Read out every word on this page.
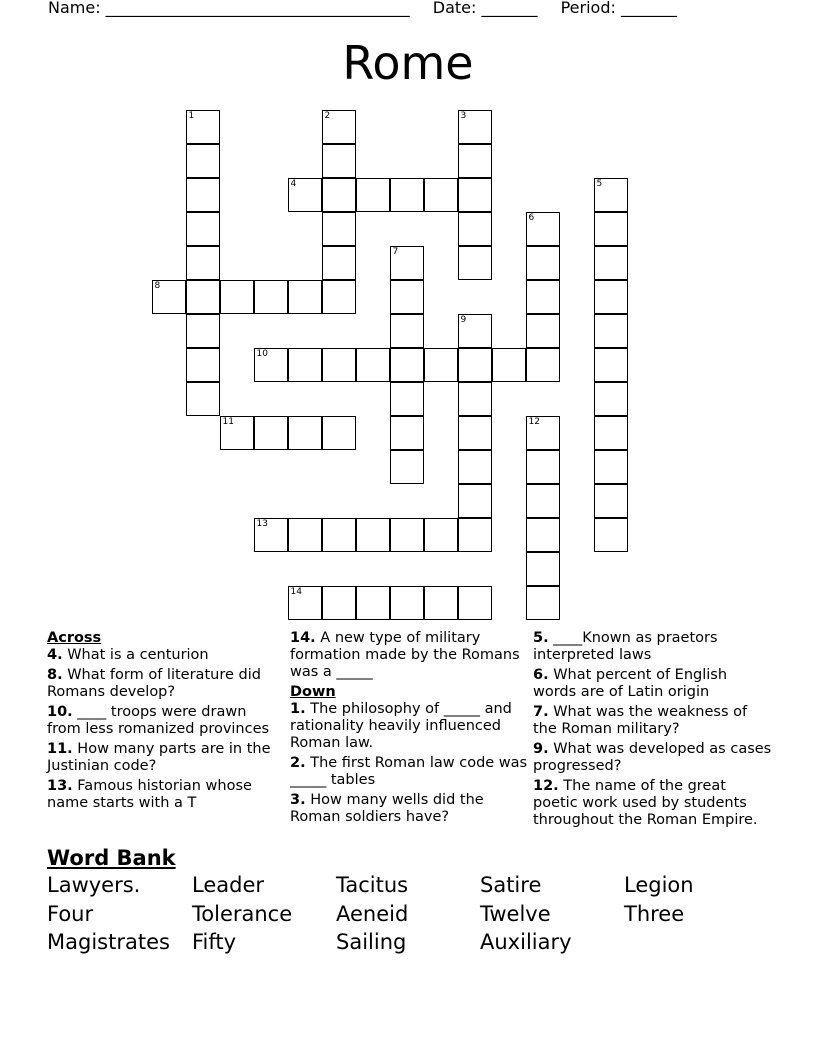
Name: ______________________________________ Date: _______ Period: _______
Rome
1	2	3
4	5
6
7
8
9
10
11	12
13
14
Across
4. What is a centurion
8. What form of literature did Romans develop?
10. ____ troops were drawn from less romanized provinces
11. How many parts are in the Justinian code?
13. Famous historian whose name starts with a T
14. A new type of military formation made by the Romans was a _____
Down
1. The philosophy of _____ and rationality heavily influenced Roman law.
2. The first Roman law code was _____ tables
3. How many wells did the Roman soldiers have?
5. ____Known as praetors interpreted laws
6. What percent of English words are of Latin origin
7. What was the weakness of the Roman military?
9. What was developed as cases progressed?
12. The name of the great poetic work used by students throughout the Roman Empire.
Word Bank
Lawyers. Leader	Tacitus	Satire	Legion
Four	Tolerance Aeneid	Twelve	Three
Magistrates Fifty	Sailing	Auxiliary
